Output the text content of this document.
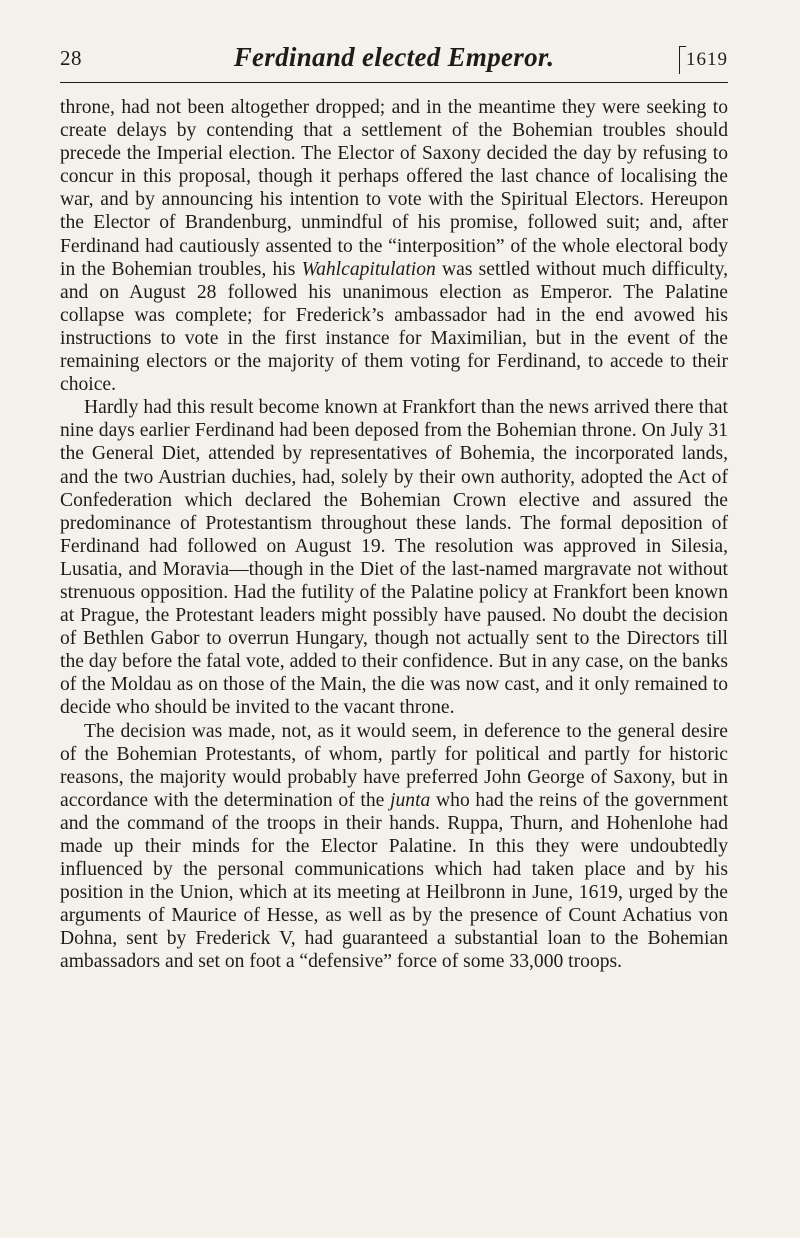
28	Ferdinand elected Emperor.	1619

throne, had not been altogether dropped; and in the meantime they were seeking to create delays by contending that a settlement of the Bohemian troubles should precede the Imperial election. The Elector of Saxony decided the day by refusing to concur in this proposal, though it perhaps offered the last chance of localising the war, and by announcing his intention to vote with the Spiritual Electors. Hereupon the Elector of Brandenburg, unmindful of his promise, followed suit; and, after Ferdinand had cautiously assented to the “interposition” of the whole electoral body in the Bohemian troubles, his Wahlcapitulation was settled without much difficulty, and on August 28 followed his unanimous election as Emperor. The Palatine collapse was complete; for Frederick’s ambassador had in the end avowed his instructions to vote in the first instance for Maximilian, but in the event of the remaining electors or the majority of them voting for Ferdinand, to accede to their choice.

Hardly had this result become known at Frankfort than the news arrived there that nine days earlier Ferdinand had been deposed from the Bohemian throne. On July 31 the General Diet, attended by representatives of Bohemia, the incorporated lands, and the two Austrian duchies, had, solely by their own authority, adopted the Act of Confederation which declared the Bohemian Crown elective and assured the predominance of Protestantism throughout these lands. The formal deposition of Ferdinand had followed on August 19. The resolution was approved in Silesia, Lusatia, and Moravia—though in the Diet of the last-named margravate not without strenuous opposition. Had the futility of the Palatine policy at Frankfort been known at Prague, the Protestant leaders might possibly have paused. No doubt the decision of Bethlen Gabor to overrun Hungary, though not actually sent to the Directors till the day before the fatal vote, added to their confidence. But in any case, on the banks of the Moldau as on those of the Main, the die was now cast, and it only remained to decide who should be invited to the vacant throne.

The decision was made, not, as it would seem, in deference to the general desire of the Bohemian Protestants, of whom, partly for political and partly for historic reasons, the majority would probably have preferred John George of Saxony, but in accordance with the determination of the junta who had the reins of the government and the command of the troops in their hands. Ruppa, Thurn, and Hohenlohe had made up their minds for the Elector Palatine. In this they were undoubtedly influenced by the personal communications which had taken place and by his position in the Union, which at its meeting at Heilbronn in June, 1619, urged by the arguments of Maurice of Hesse, as well as by the presence of Count Achatius von Dohna, sent by Frederick V, had guaranteed a substantial loan to the Bohemian ambassadors and set on foot a “defensive” force of some 33,000 troops.
